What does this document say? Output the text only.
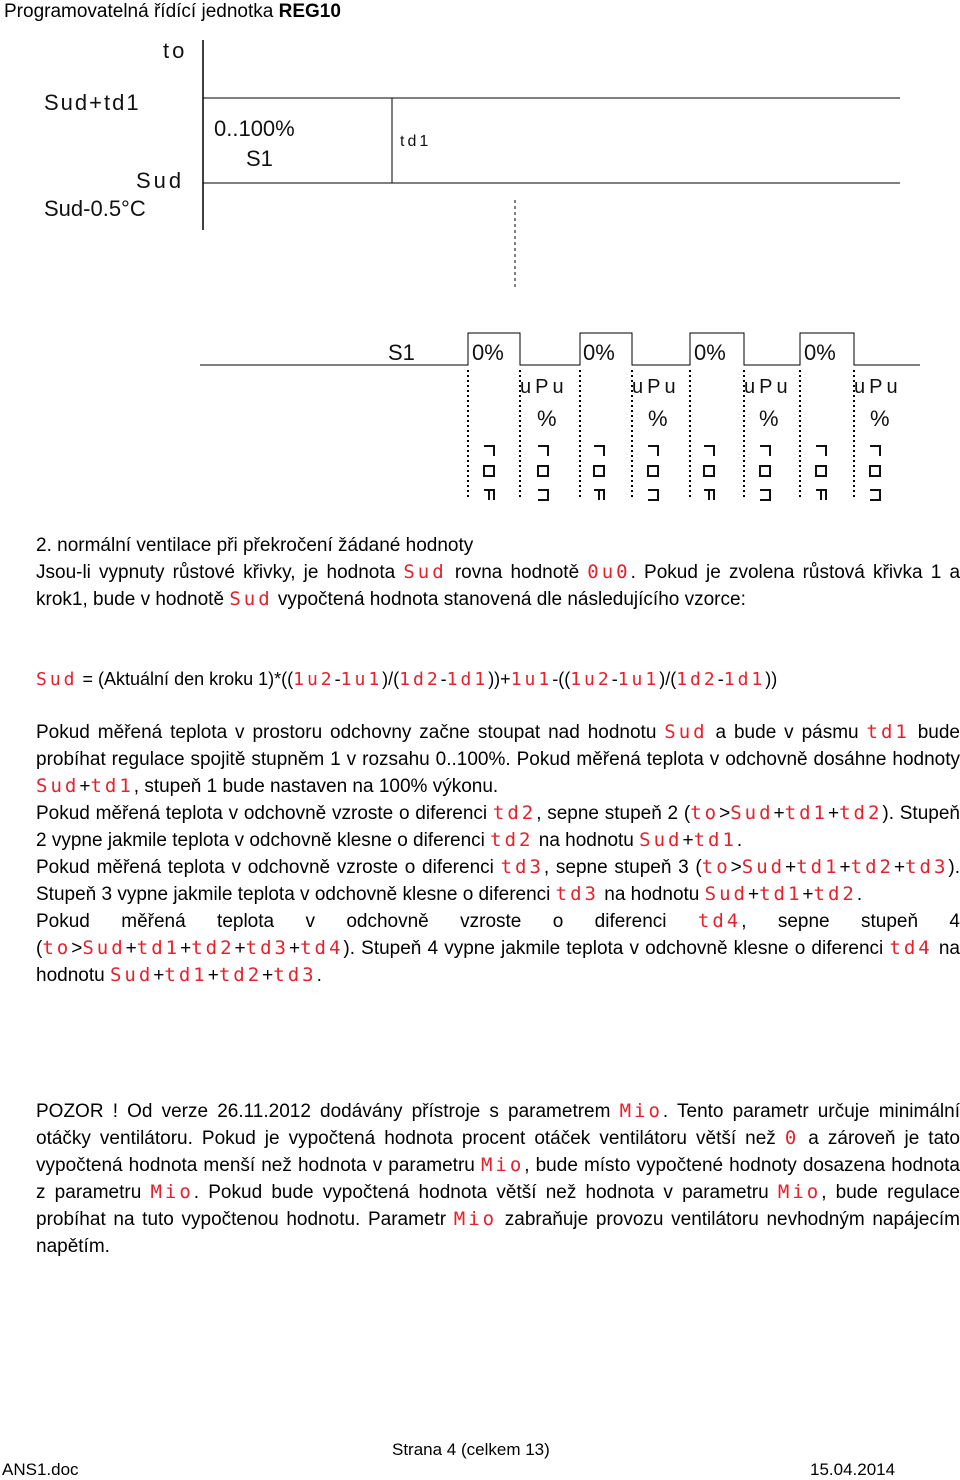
Programovatelná řídící jednotka REG10
to
Sud+td1
Sud
Sud-0.5°C
0..100%
S1
td1
S1	0%	0%	0%	0%
uPu	uPu	uPu	uPu
%	%	%	%

2. normální ventilace při překročení žádané hodnoty

Jsou-li vypnuty růstové křivky, je hodnota Sud rovna hodnotě 0u0. Pokud je zvolena růstová křivka 1 a krok1, bude v hodnotě Sud vypočtená hodnota stanovená dle následujícího vzorce:

Sud = (Aktuální den kroku 1)*((1u2-1u1)/(1d2-1d1))+1u1-((1u2-1u1)/(1d2-1d1))

Pokud měřená teplota v prostoru odchovny začne stoupat nad hodnotu Sud a bude v pásmu td1 bude probíhat regulace spojitě stupněm 1 v rozsahu 0..100%. Pokud měřená teplota v odchovně dosáhne hodnoty Sud+td1, stupeň 1 bude nastaven na 100% výkonu.

Pokud měřená teplota v odchovně vzroste o diferenci td2, sepne stupeň 2 (to>Sud+td1+td2). Stupeň 2 vypne jakmile teplota v odchovně klesne o diferenci td2 na hodnotu Sud+td1.

Pokud měřená teplota v odchovně vzroste o diferenci td3, sepne stupeň 3 (to>Sud+td1+td2+td3). Stupeň 3 vypne jakmile teplota v odchovně klesne o diferenci td3 na hodnotu Sud+td1+td2.

Pokud měřená teplota v odchovně vzroste o diferenci td4, sepne stupeň 4 (to>Sud+td1+td2+td3+td4). Stupeň 4 vypne jakmile teplota v odchovně klesne o diferenci td4 na hodnotu Sud+td1+td2+td3.

POZOR ! Od verze 26.11.2012 dodávány přístroje s parametrem Mio. Tento parametr určuje minimální otáčky ventilátoru. Pokud je vypočtená hodnota procent otáček ventilátoru větší než 0 a zároveň je tato vypočtená hodnota menší než hodnota v parametru Mio, bude místo vypočtené hodnoty dosazena hodnota z parametru Mio. Pokud bude vypočtená hodnota větší než hodnota v parametru Mio, bude regulace probíhat na tuto vypočtenou hodnotu. Parametr Mio zabraňuje provozu ventilátoru nevhodným napájecím napětím.

Strana 4 (celkem 13)
ANS1.doc	15.04.2014
